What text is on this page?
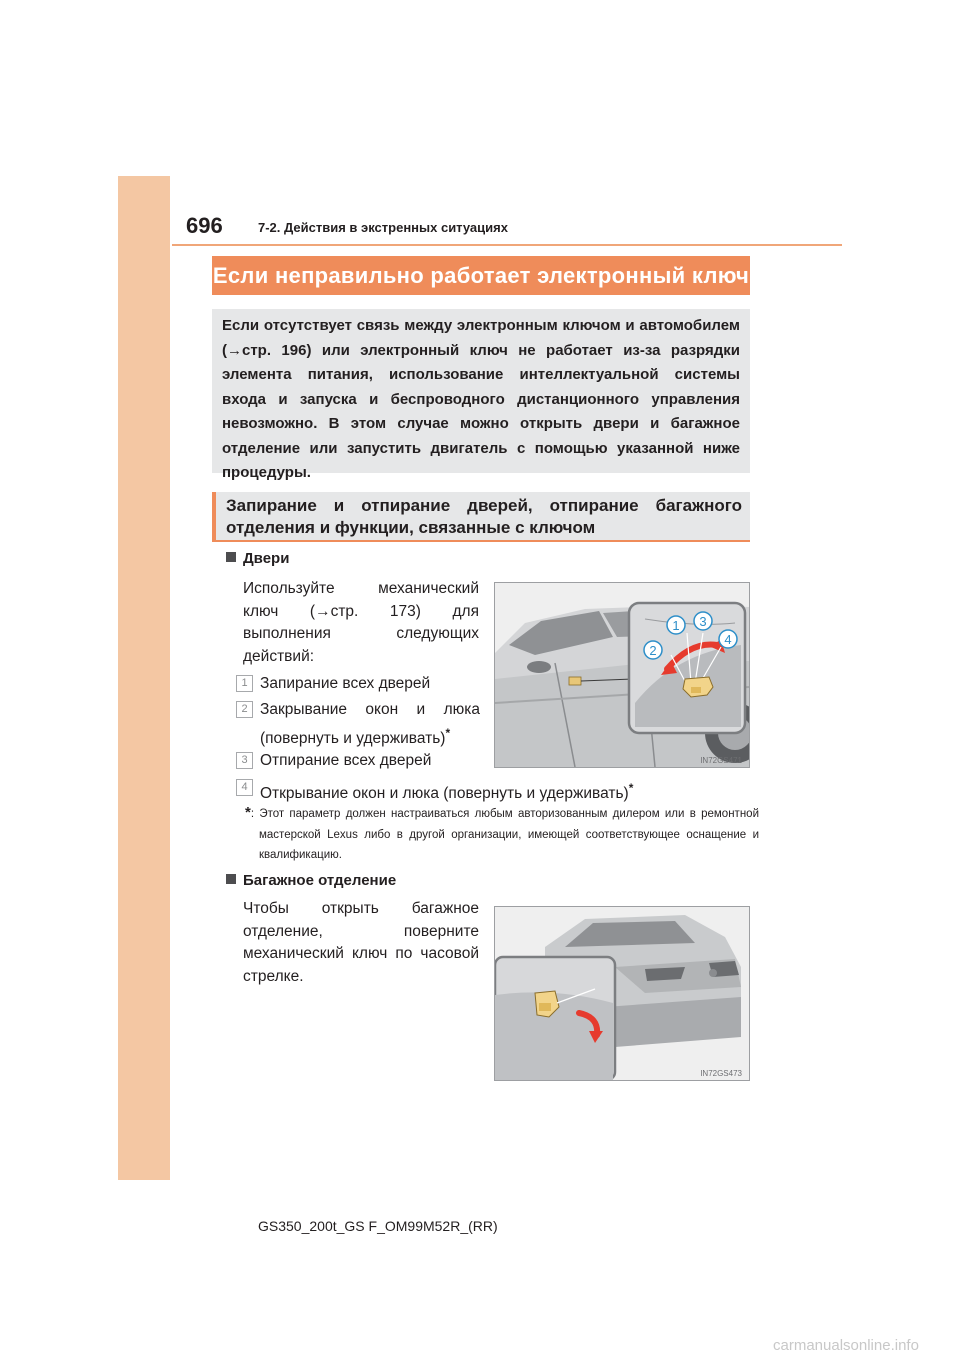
696	7-2. Действия в экстренных ситуациях
Если неправильно работает электронный ключ
Если отсутствует связь между электронным ключом и автомобилем (→стр. 196) или электронный ключ не работает из-за разрядки элемента питания, использование интеллектуальной системы входа и запуска и беспроводного дистанционного управления невозможно. В этом случае можно открыть двери и багажное отделение или запустить двигатель с помощью указанной ниже процедуры.
Запирание и отпирание дверей, отпирание багажного отделения и функции, связанные с ключом
Двери
Используйте механический ключ (→стр. 173) для выполнения следующих действий:
1 Запирание всех дверей
2 Закрывание окон и люка (повернуть и удерживать)*
3 Отпирание всех дверей
4 Открывание окон и люка (повернуть и удерживать)*
*: Этот параметр должен настраиваться любым авторизованным дилером или в ремонтной мастерской Lexus либо в другой организации, имеющей соответствующее оснащение и квалификацию.
IN72GS471
1
2
3
4
Багажное отделение
Чтобы открыть багажное отделение, поверните механический ключ по часовой стрелке.
IN72GS473
GS350_200t_GS F_OM99M52R_(RR)
carmanualsonline.info
